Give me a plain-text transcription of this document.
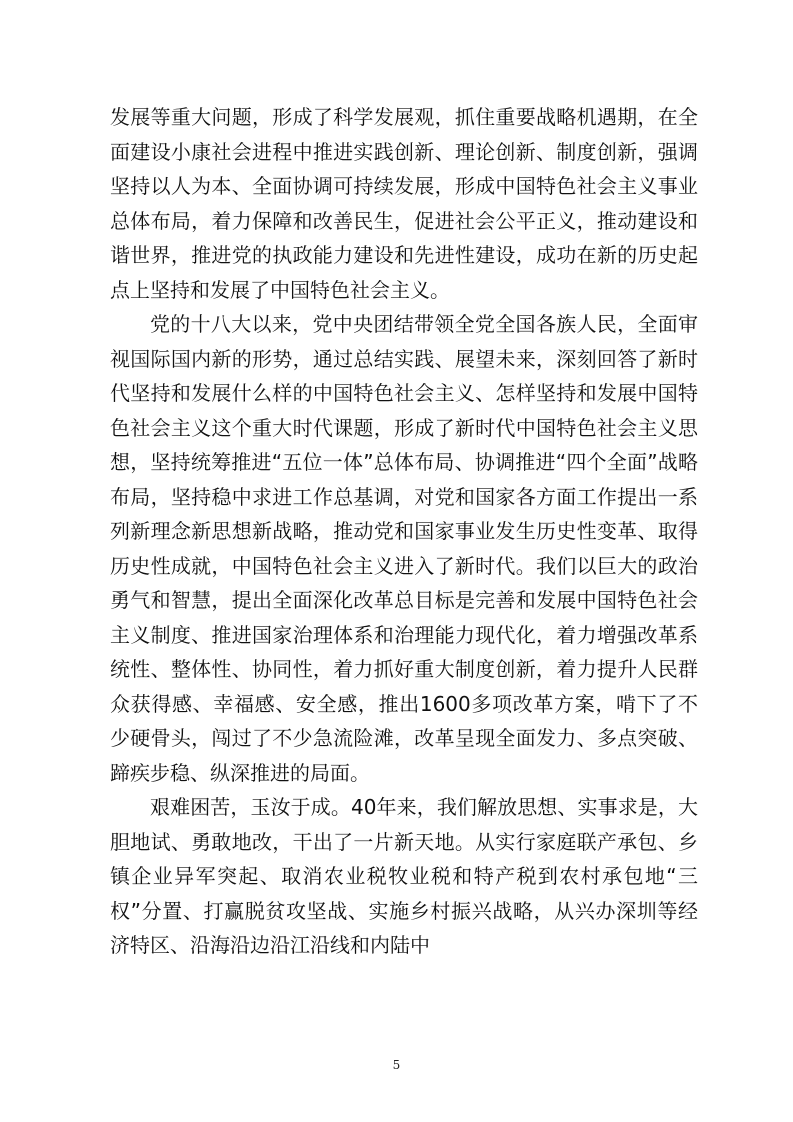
发展等重大问题，形成了科学发展观，抓住重要战略机遇期，在全面建设小康社会进程中推进实践创新、理论创新、制度创新，强调坚持以人为本、全面协调可持续发展，形成中国特色社会主义事业总体布局，着力保障和改善民生，促进社会公平正义，推动建设和谐世界，推进党的执政能力建设和先进性建设，成功在新的历史起点上坚持和发展了中国特色社会主义。

党的十八大以来，党中央团结带领全党全国各族人民，全面审视国际国内新的形势，通过总结实践、展望未来，深刻回答了新时代坚持和发展什么样的中国特色社会主义、怎样坚持和发展中国特色社会主义这个重大时代课题，形成了新时代中国特色社会主义思想，坚持统筹推进“五位一体”总体布局、协调推进“四个全面”战略布局，坚持稳中求进工作总基调，对党和国家各方面工作提出一系列新理念新思想新战略，推动党和国家事业发生历史性变革、取得历史性成就，中国特色社会主义进入了新时代。我们以巨大的政治勇气和智慧，提出全面深化改革总目标是完善和发展中国特色社会主义制度、推进国家治理体系和治理能力现代化，着力增强改革系统性、整体性、协同性，着力抓好重大制度创新，着力提升人民群众获得感、幸福感、安全感，推出1600多项改革方案，啃下了不少硬骨头，闯过了不少急流险滩，改革呈现全面发力、多点突破、蹄疾步稳、纵深推进的局面。

艰难困苦，玉汝于成。40年来，我们解放思想、实事求是，大胆地试、勇敢地改，干出了一片新天地。从实行家庭联产承包、乡镇企业异军突起、取消农业税牧业税和特产税到农村承包地“三权”分置、打赢脱贫攻坚战、实施乡村振兴战略，从兴办深圳等经济特区、沿海沿边沿江沿线和内陆中

5
